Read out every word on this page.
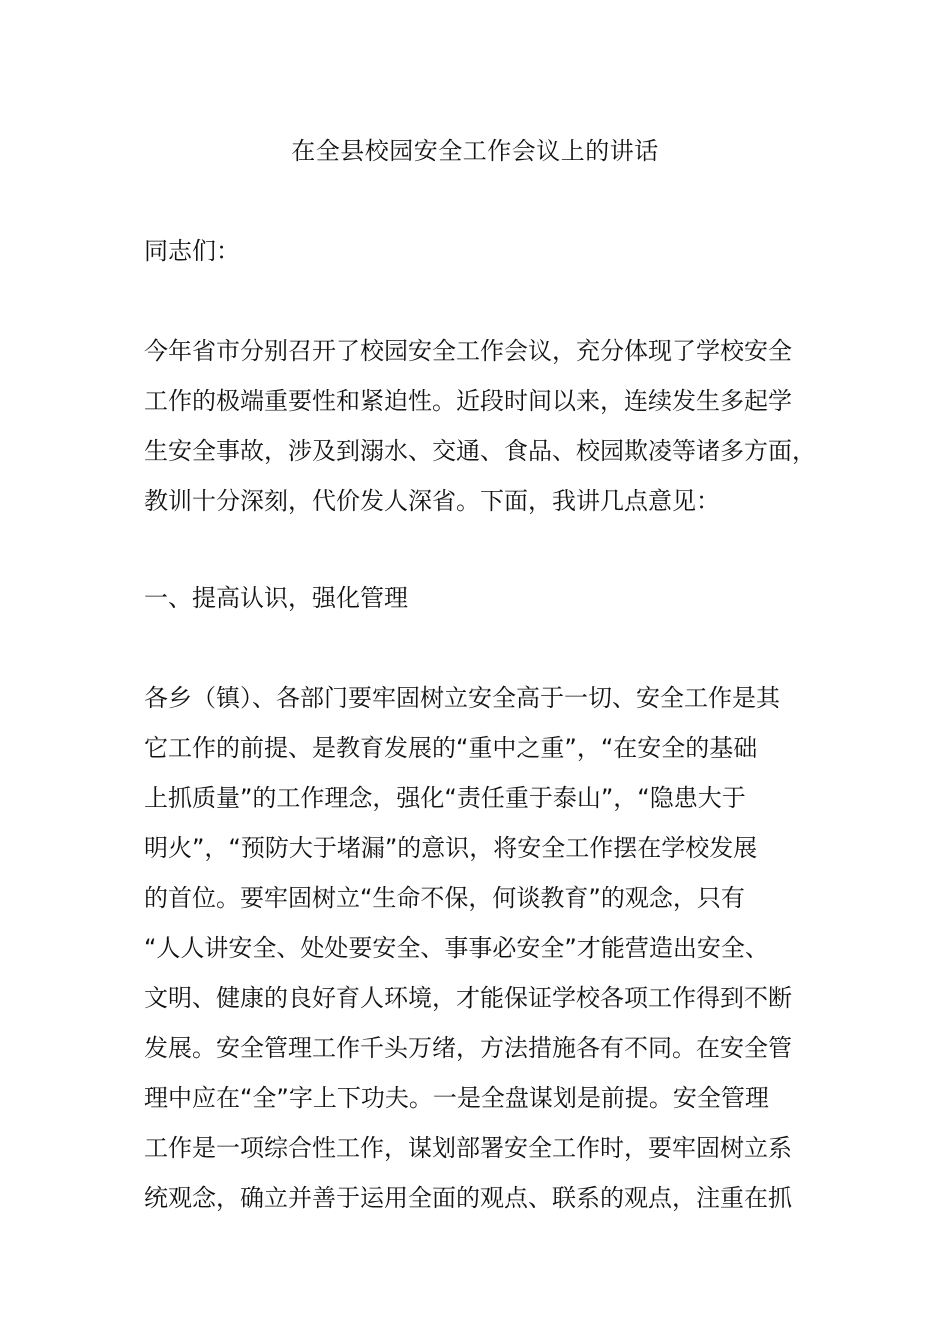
在全县校园安全工作会议上的讲话
同志们：
今年省市分别召开了校园安全工作会议，充分体现了学校安全
工作的极端重要性和紧迫性。近段时间以来，连续发生多起学
生安全事故，涉及到溺水、交通、食品、校园欺凌等诸多方面，
教训十分深刻，代价发人深省。下面，我讲几点意见：
一、提高认识，强化管理
各乡（镇）、各部门要牢固树立安全高于一切、安全工作是其
它工作的前提、是教育发展的“重中之重”，“在安全的基础
上抓质量”的工作理念，强化“责任重于泰山”，“隐患大于
明火”，“预防大于堵漏”的意识，将安全工作摆在学校发展
的首位。要牢固树立“生命不保，何谈教育”的观念，只有
“人人讲安全、处处要安全、事事必安全”才能营造出安全、
文明、健康的良好育人环境，才能保证学校各项工作得到不断
发展。安全管理工作千头万绪，方法措施各有不同。在安全管
理中应在“全”字上下功夫。一是全盘谋划是前提。安全管理
工作是一项综合性工作，谋划部署安全工作时，要牢固树立系
统观念，确立并善于运用全面的观点、联系的观点，注重在抓
